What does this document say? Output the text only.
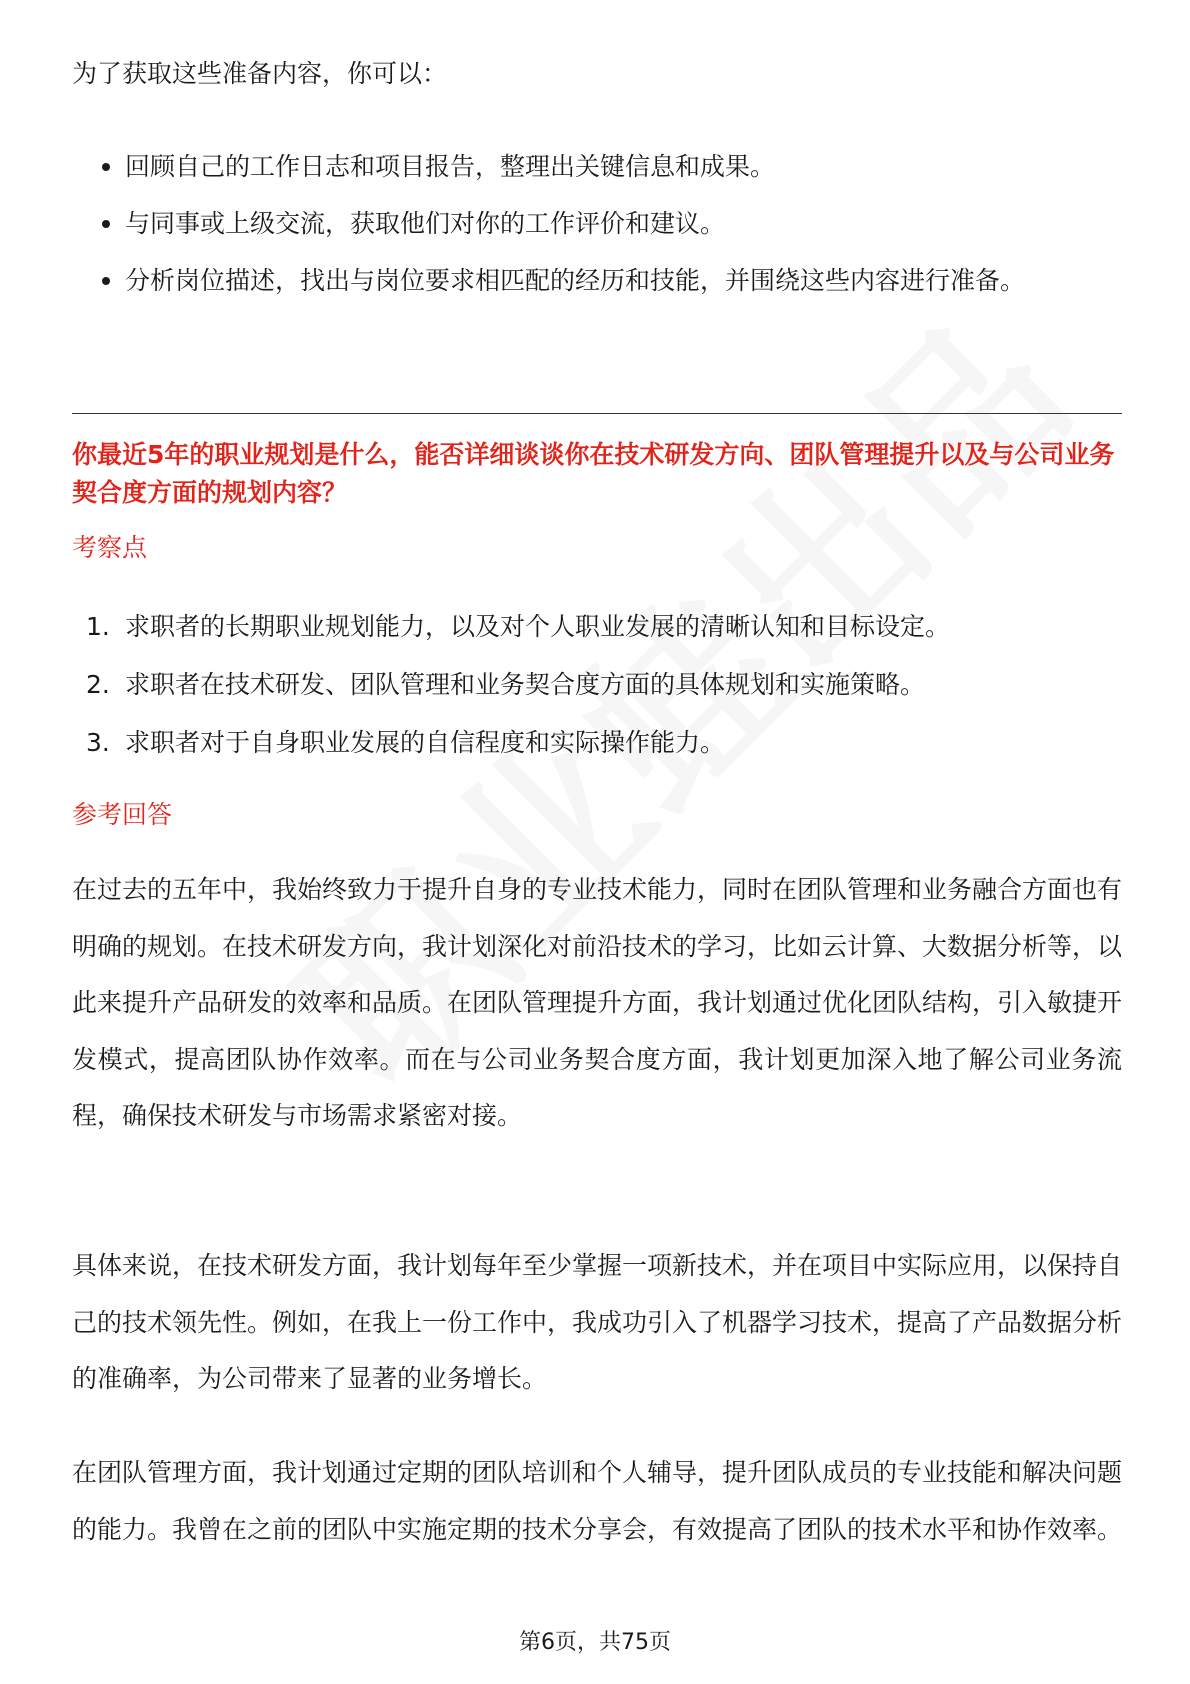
为了获取这些准备内容，你可以：

回顾自己的工作日志和项目报告，整理出关键信息和成果。
与同事或上级交流，获取他们对你的工作评价和建议。
分析岗位描述，找出与岗位要求相匹配的经历和技能，并围绕这些内容进行准备。
你最近5年的职业规划是什么，能否详细谈谈你在技术研发方向、团队管理提升以及与公司业务契合度方面的规划内容？
考察点
1. 求职者的长期职业规划能力，以及对个人职业发展的清晰认知和目标设定。
2. 求职者在技术研发、团队管理和业务契合度方面的具体规划和实施策略。
3. 求职者对于自身职业发展的自信程度和实际操作能力。
参考回答

在过去的五年中，我始终致力于提升自身的专业技术能力，同时在团队管理和业务融合方面也有明确的规划。在技术研发方向，我计划深化对前沿技术的学习，比如云计算、大数据分析等，以此来提升产品研发的效率和品质。在团队管理提升方面，我计划通过优化团队结构，引入敏捷开发模式，提高团队协作效率。而在与公司业务契合度方面，我计划更加深入地了解公司业务流程，确保技术研发与市场需求紧密对接。

具体来说，在技术研发方面，我计划每年至少掌握一项新技术，并在项目中实际应用，以保持自己的技术领先性。例如，在我上一份工作中，我成功引入了机器学习技术，提高了产品数据分析的准确率，为公司带来了显著的业务增长。

在团队管理方面，我计划通过定期的团队培训和个人辅导，提升团队成员的专业技能和解决问题的能力。我曾在之前的团队中实施定期的技术分享会，有效提高了团队的技术水平和协作效率。

第6页，共75页
